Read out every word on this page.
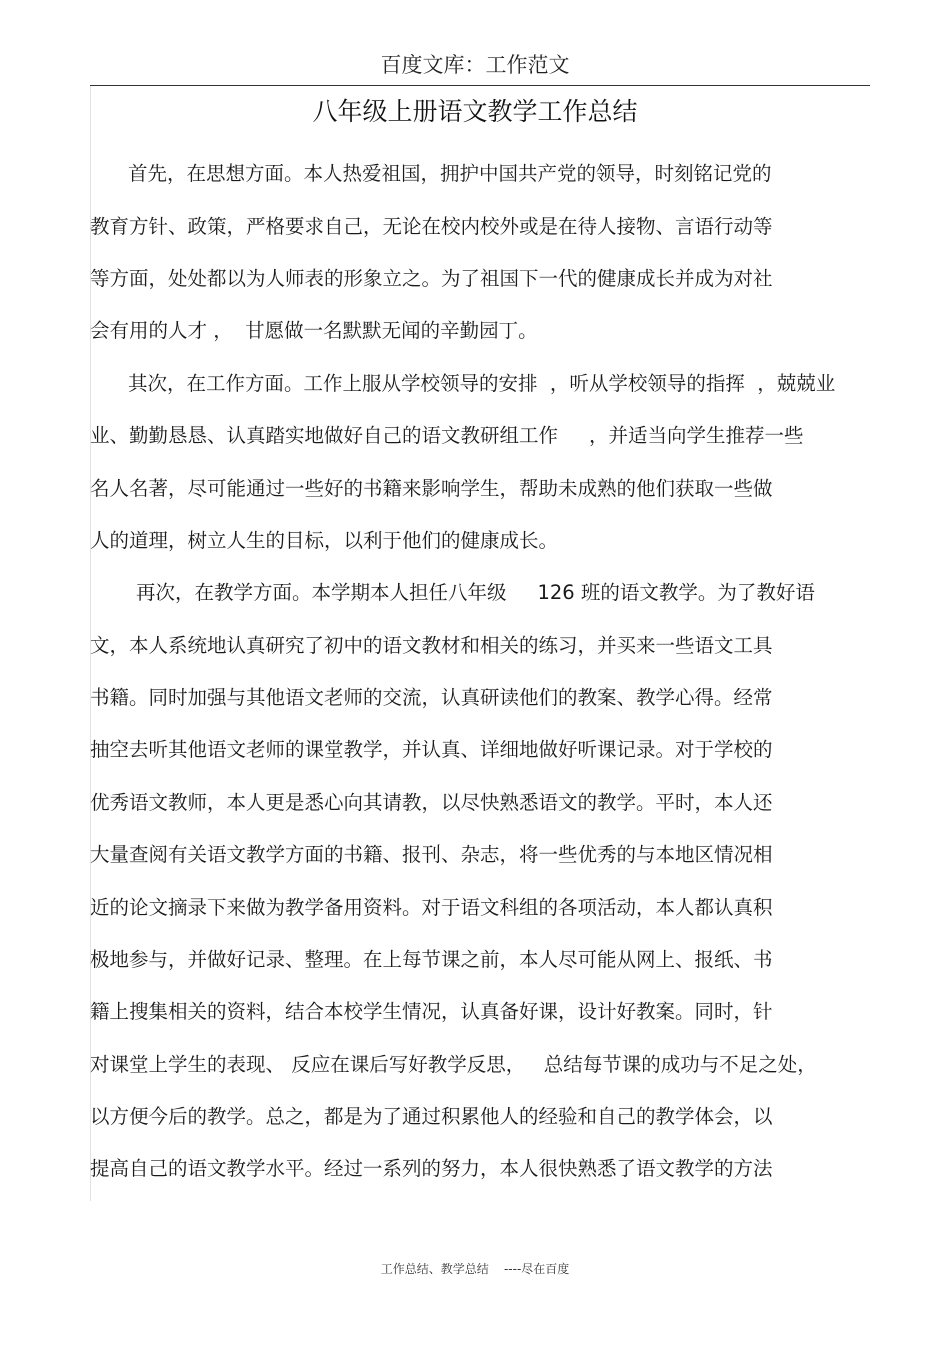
百度文库：工作范文
八年级上册语文教学工作总结
首先，在思想方面。本人热爱祖国，拥护中国共产党的领导，时刻铭记党的
教育方针、政策，严格要求自己，无论在校内校外或是在待人接物、言语行动等
等方面，处处都以为人师表的形象立之。为了祖国下一代的健康成长并成为对社
会有用的人才 ，  甘愿做一名默默无闻的辛勤园丁。
其次，在工作方面。工作上服从学校领导的安排  ，听从学校领导的指挥  ，兢兢业
业、勤勤恳恳、认真踏实地做好自己的语文教研组工作     ，并适当向学生推荐一些
名人名著，尽可能通过一些好的书籍来影响学生，帮助未成熟的他们获取一些做
人的道理，树立人生的目标，以利于他们的健康成长。
再次，在教学方面。本学期本人担任八年级     126 班的语文教学。为了教好语
文，本人系统地认真研究了初中的语文教材和相关的练习，并买来一些语文工具
书籍。同时加强与其他语文老师的交流，认真研读他们的教案、教学心得。经常
抽空去听其他语文老师的课堂教学，并认真、详细地做好听课记录。对于学校的
优秀语文教师，本人更是悉心向其请教，以尽快熟悉语文的教学。平时，本人还
大量查阅有关语文教学方面的书籍、报刊、杂志，将一些优秀的与本地区情况相
近的论文摘录下来做为教学备用资料。对于语文科组的各项活动，本人都认真积
极地参与，并做好记录、整理。在上每节课之前，本人尽可能从网上、报纸、书
籍上搜集相关的资料，结合本校学生情况，认真备好课，设计好教案。同时，针
对课堂上学生的表现、 反应在课后写好教学反思，   总结每节课的成功与不足之处，
以方便今后的教学。总之，都是为了通过积累他人的经验和自己的教学体会，以
提高自己的语文教学水平。经过一系列的努力，本人很快熟悉了语文教学的方法
工作总结、教学总结    ----尽在百度
